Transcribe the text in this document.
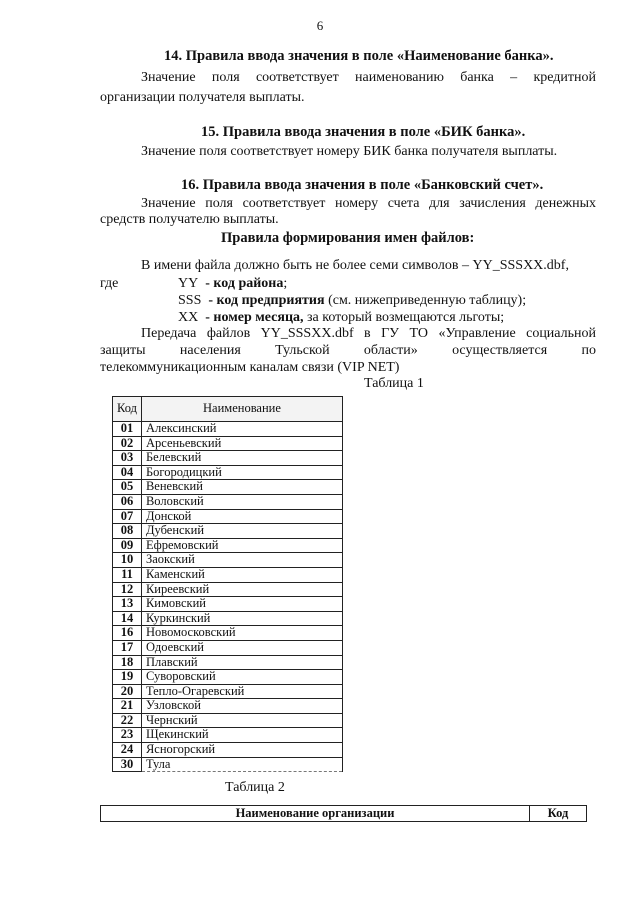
6
14. Правила ввода значения в поле «Наименование банка».
Значение поля соответствует наименованию банка – кредитной
организации получателя выплаты.
15. Правила ввода значения в поле «БИК банка».
Значение поля соответствует номеру БИК банка получателя выплаты.
16. Правила ввода значения в поле «Банковский счет».
Значение поля соответствует номеру счета для зачисления денежных
средств получателю выплаты.
Правила формирования имен файлов:
В имени файла должно быть не более семи символов – YY_SSSXX.dbf,
где	YY - код района;
SSS - код предприятия (см. нижеприведенную таблицу);
XX - номер месяца, за который возмещаются льготы;
Передача файлов YY_SSSXX.dbf в ГУ ТО «Управление социальной
защиты населения Тульской области» осуществляется по
телекоммуникационным каналам связи (VIP NET)
Таблица 1
Код	Наименование
01	Алексинский
02	Арсеньевский
03	Белевский
04	Богородицкий
05	Веневский
06	Воловский
07	Донской
08	Дубенский
09	Ефремовский
10	Заокский
11	Каменский
12	Киреевский
13	Кимовский
14	Куркинский
16	Новомосковский
17	Одоевский
18	Плавский
19	Суворовский
20	Тепло-Огаревский
21	Узловской
22	Чернский
23	Щекинский
24	Ясногорский
30	Тула
Таблица 2
Наименование организации	Код
